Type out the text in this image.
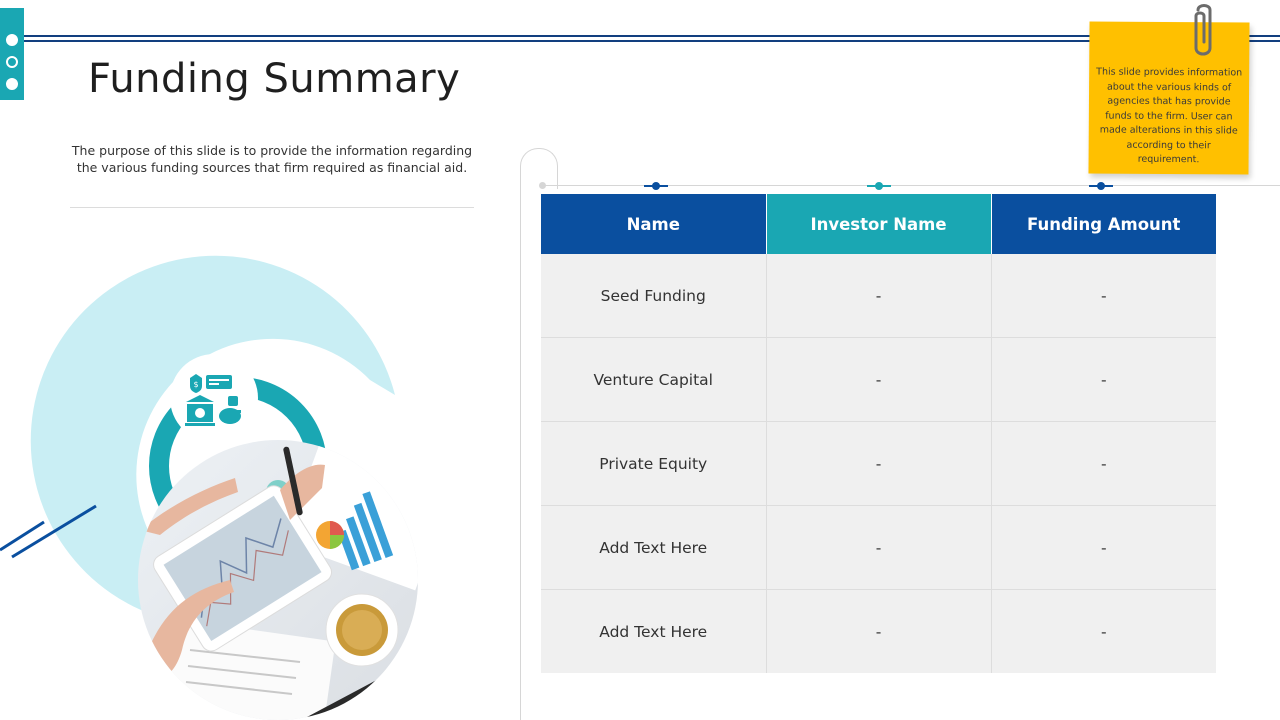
Funding Summary

The purpose of this slide is to provide the information regarding the various funding sources that firm required as financial aid.

$

This slide provides information about the various kinds of agencies that has provide funds to the firm. User can made alterations in this slide according to their requirement.

Name	Investor Name	Funding Amount
Seed Funding	-	-
Venture Capital	-	-
Private Equity	-	-
Add Text Here	-	-
Add Text Here	-	-
